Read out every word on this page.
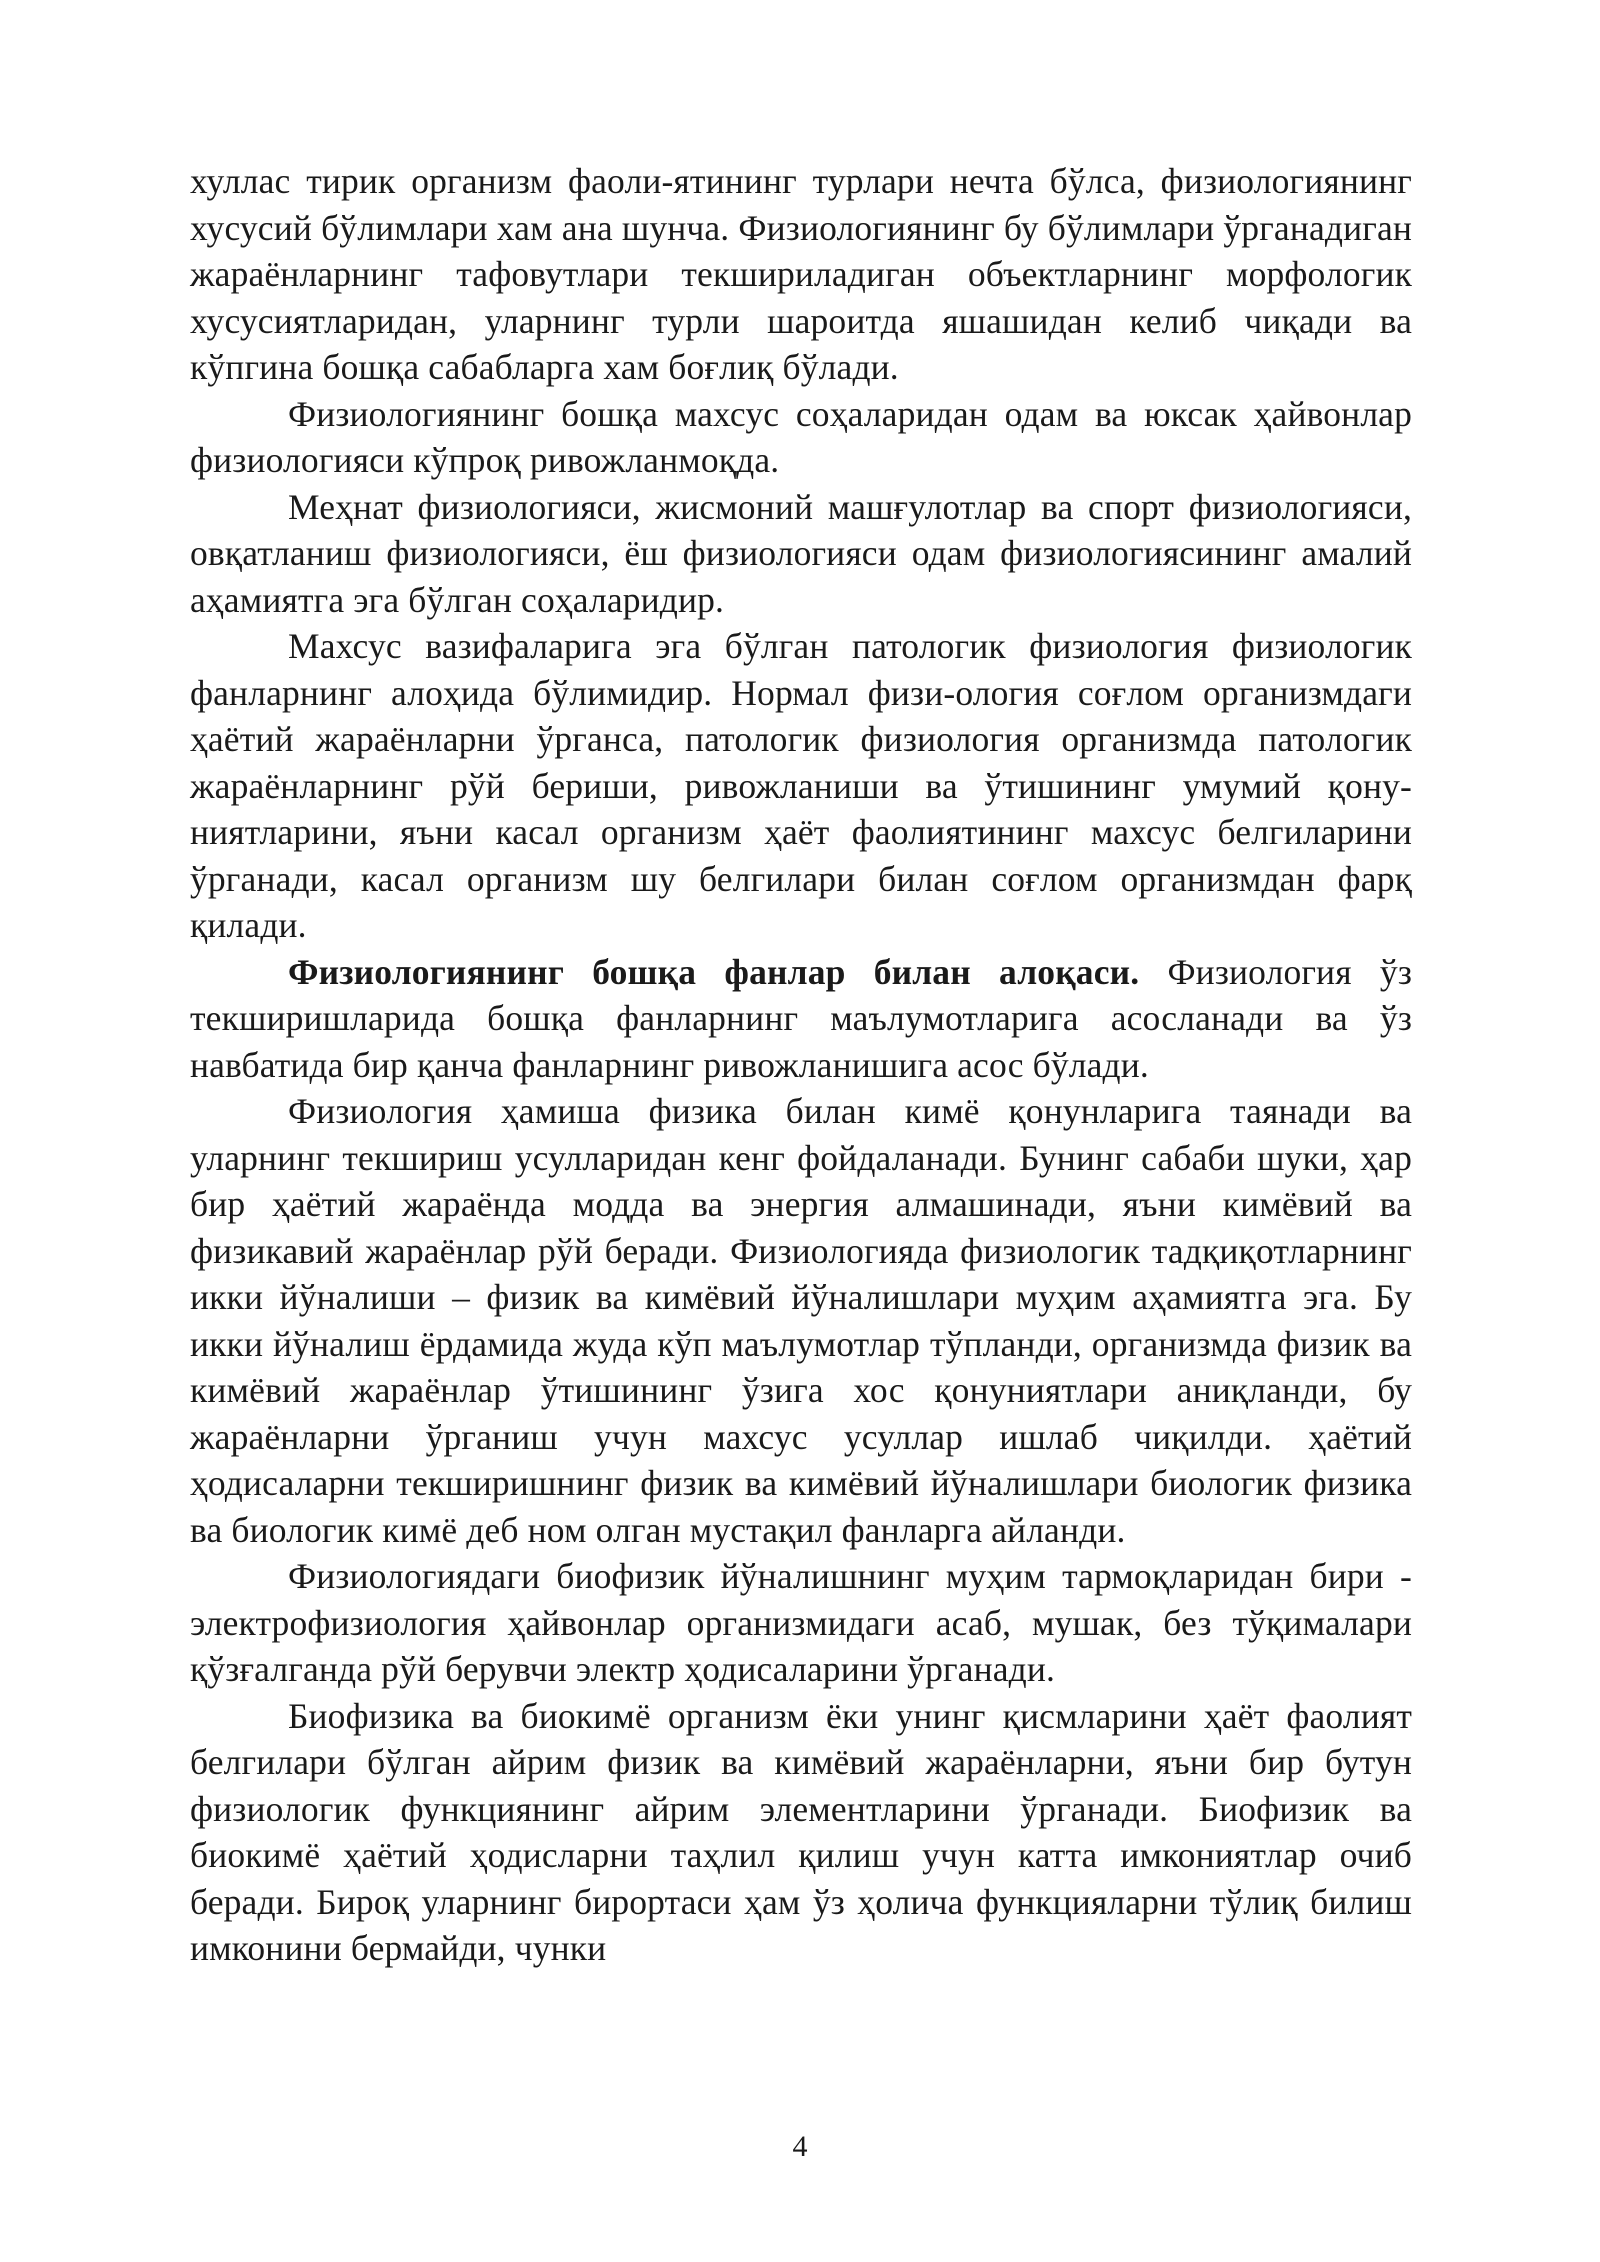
хуллас тирик организм фаоли-ятининг турлари нечта бўлса, физиологиянинг хусусий бўлимлари хам ана шунча. Физиологиянинг бу бўлимлари ўрганадиган жараёнларнинг тафовутлари текшириладиган объектларнинг морфологик хусусиятларидан, уларнинг турли шароитда яшашидан келиб чиқади ва кўпгина бошқа сабабларга хам боғлиқ бўлади.

Физиологиянинг бошқа махсус соҳаларидан одам ва юксак ҳайвонлар физиологияси кўпроқ ривожланмоқда.

Меҳнат физиологияси, жисмоний машғулотлар ва спорт физиологияси, овқатланиш физиологияси, ёш физиологияси одам физиологиясининг амалий аҳамиятга эга бўлган соҳаларидир.

Махсус вазифаларига эга бўлган патологик физиология физиологик фанларнинг алоҳида бўлимидир. Нормал физи-ология соғлом организмдаги ҳаётий жараёнларни ўрганса, патологик физиология организмда патологик жараёнларнинг рўй бериши, ривожланиши ва ўтишининг умумий қону-ниятларини, яъни касал организм ҳаёт фаолиятининг махсус белгиларини ўрганади, касал организм шу белгилари билан соғлом организмдан фарқ қилади.

Физиологиянинг бошқа фанлар билан алоқаси. Физиология ўз текширишларида бошқа фанларнинг маълумотларига асосланади ва ўз навбатида бир қанча фанларнинг ривожланишига асос бўлади.

Физиология ҳамиша физика билан кимё қонунларига таянади ва уларнинг текшириш усулларидан кенг фойдаланади. Бунинг сабаби шуки, ҳар бир ҳаётий жараёнда модда ва энергия алмашинади, яъни кимёвий ва физикавий жараёнлар рўй беради. Физиологияда физиологик тадқиқотларнинг икки йўналиши – физик ва кимёвий йўналишлари муҳим аҳамиятга эга. Бу икки йўналиш ёрдамида жуда кўп маълумотлар тўпланди, организмда физик ва кимёвий жараёнлар ўтишининг ўзига хос қонуниятлари аниқланди, бу жараёнларни ўрганиш учун махсус усуллар ишлаб чиқилди. ҳаётий ҳодисаларни текширишнинг физик ва кимёвий йўналишлари биологик физика ва биологик кимё деб ном олган мустақил фанларга айланди.

Физиологиядаги биофизик йўналишнинг муҳим тармоқларидан бири - электрофизиология ҳайвонлар организмидаги асаб, мушак, без тўқималари қўзғалганда рўй берувчи электр ҳодисаларини ўрганади.

Биофизика ва биокимё организм ёки унинг қисмларини ҳаёт фаолият белгилари бўлган айрим физик ва кимёвий жараёнларни, яъни бир бутун физиологик функциянинг айрим элементларини ўрганади. Биофизик ва биокимё ҳаётий ҳодисларни таҳлил қилиш учун катта имкониятлар очиб беради. Бироқ уларнинг бирортаси ҳам ўз ҳолича функцияларни тўлиқ билиш имконини бермайди, чунки

4
